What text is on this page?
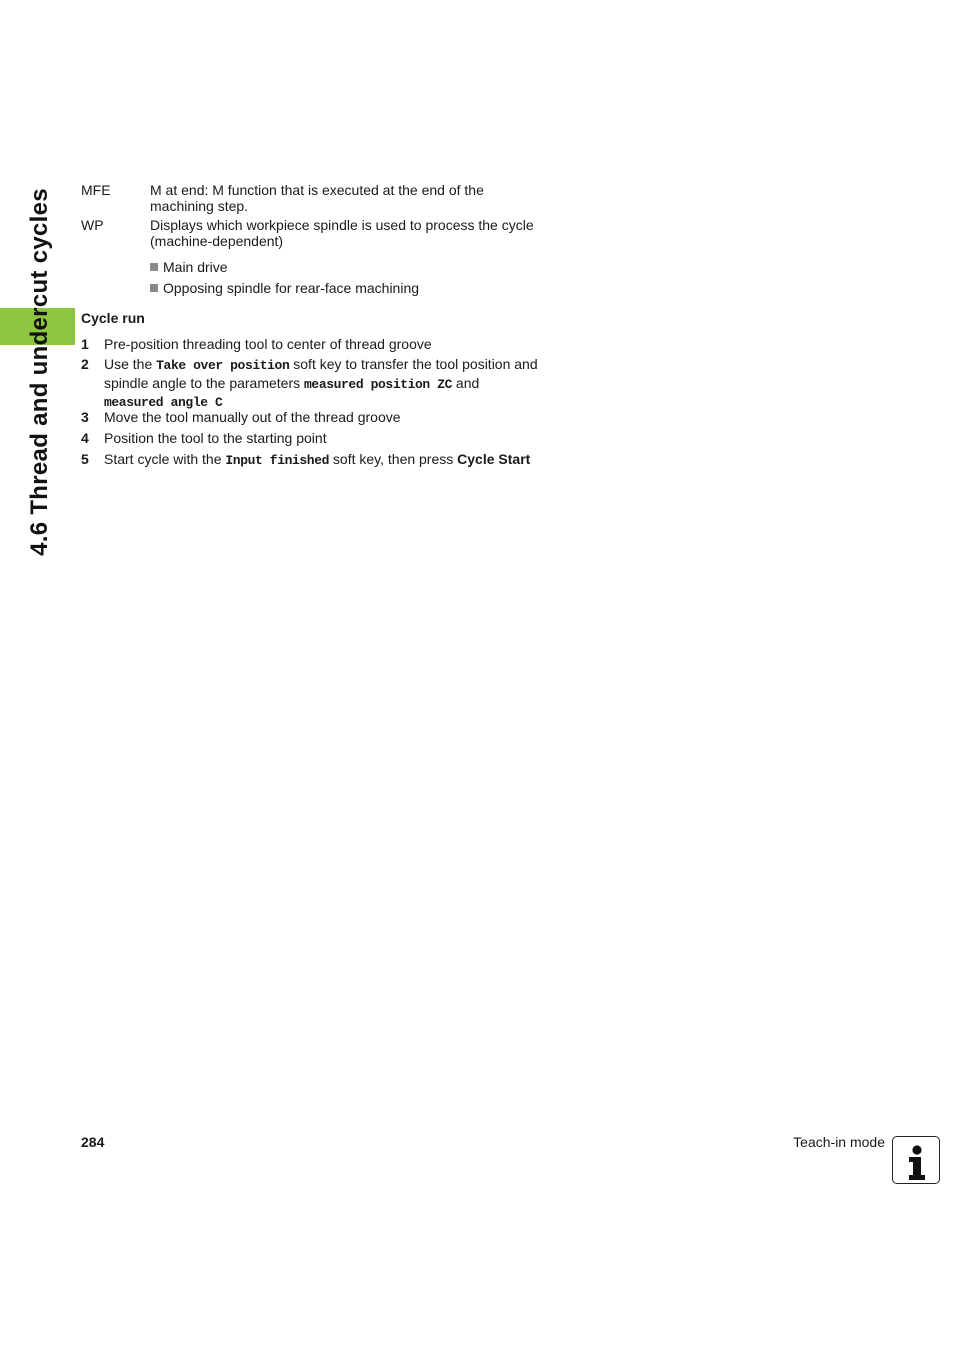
4.6 Thread and undercut cycles MFE	M at end: M function that is executed at the end of the machining step.
WP	Displays which workpiece spindle is used to process the cycle (machine-dependent)
Main drive
Opposing spindle for rear-face machining
Cycle run
1 Pre-position threading tool to center of thread groove
2 Use the Take over position soft key to transfer the tool position and spindle angle to the parameters measured position ZC and measured angle C
3 Move the tool manually out of the thread groove
4 Position the tool to the starting point
5 Start cycle with the Input finished soft key, then press Cycle Start
284	Teach-in mode
